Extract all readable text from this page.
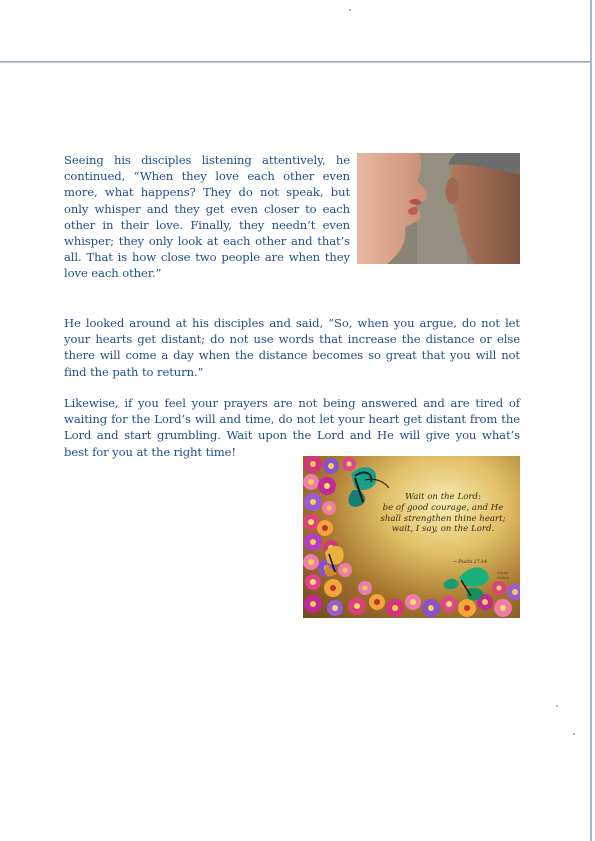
Seeing his disciples listening attentively, he continued, “When they love each other even more, what happens? They do not speak, but only whisper and they get even closer to each other in their love. Finally, they needn’t even whisper; they only look at each other and that’s all. That is how close two people are when they love each other.”

He looked around at his disciples and said, “So, when you argue, do not let your hearts get distant; do not use words that increase the distance or else there will come a day when the distance becomes so great that you will not find the path to return.”

Likewise, if you feel your prayers are not being answered and are tired of waiting for the Lord’s will and time, do not let your heart get distant from the Lord and start grumbling. Wait upon the Lord and He will give you what’s best for you at the right time!

Wait on the Lord:
be of good courage, and He
shall strengthen thine heart;
wait, I say, on the Lord.
~ Psalm 27:14
Mary Helen
